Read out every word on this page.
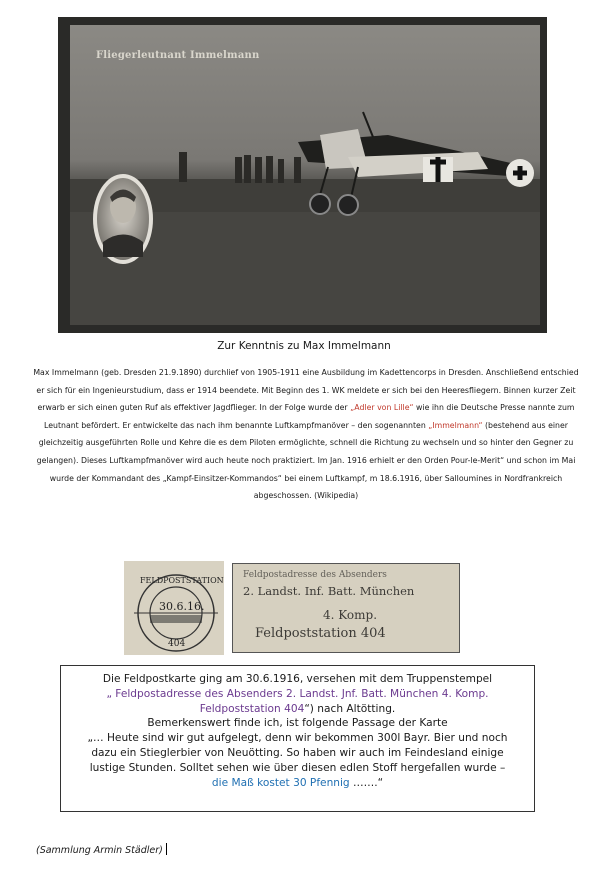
Fliegerleutnant Immelmann
Zur Kenntnis zu Max Immelmann
Max Immelmann (geb. Dresden 21.9.1890) durchlief von 1905-1911 eine Ausbildung im Kadettencorps in Dresden. Anschließend entschied er sich für ein Ingenieurstudium, dass er 1914 beendete. Mit Beginn des 1. WK meldete er sich bei den Heeresfliegern. Binnen kurzer Zeit erwarb er sich einen guten Ruf als effektiver Jagdflieger. In der Folge wurde der „Adler von Lille“ wie ihn die Deutsche Presse nannte zum Leutnant befördert. Er entwickelte das nach ihm benannte Luftkampfmanöver – den sogenannten „Immelmann“ (bestehend aus einer gleichzeitig ausgeführten Rolle und Kehre die es dem Piloten ermöglichte, schnell die Richtung zu wechseln und so hinter den Gegner zu gelangen). Dieses Luftkampfmanöver wird auch heute noch praktiziert. Im Jan. 1916 erhielt er den Orden Pour-le-Merit“ und schon im Mai wurde der Kommandant des „Kampf-Einsitzer-Kommandos“ bei einem Luftkampf, m 18.6.1916, über Salloumines in Nordfrankreich abgeschossen. (Wikipedia)
30.6.16.
404
FELDPOSTSTATION
Feldpostadresse des Absenders
2. Landst. Inf. Batt. München
4. Komp.
Feldpoststation 404
Die Feldpostkarte ging am 30.6.1916, versehen mit dem Truppenstempel
„ Feldpostadresse des Absenders 2. Landst. Jnf. Batt. München 4. Komp.
Feldpoststation 404“) nach Altötting.
Bemerkenswert finde ich, ist folgende Passage der Karte
„… Heute sind wir gut aufgelegt, denn wir bekommen 300l Bayr. Bier und noch
dazu ein Stieglerbier von Neuötting. So haben wir auch im Feindesland einige
lustige Stunden. Solltet sehen wie über diesen edlen Stoff hergefallen wurde –
die Maß kostet 30 Pfennig …….“
(Sammlung Armin Städler)
